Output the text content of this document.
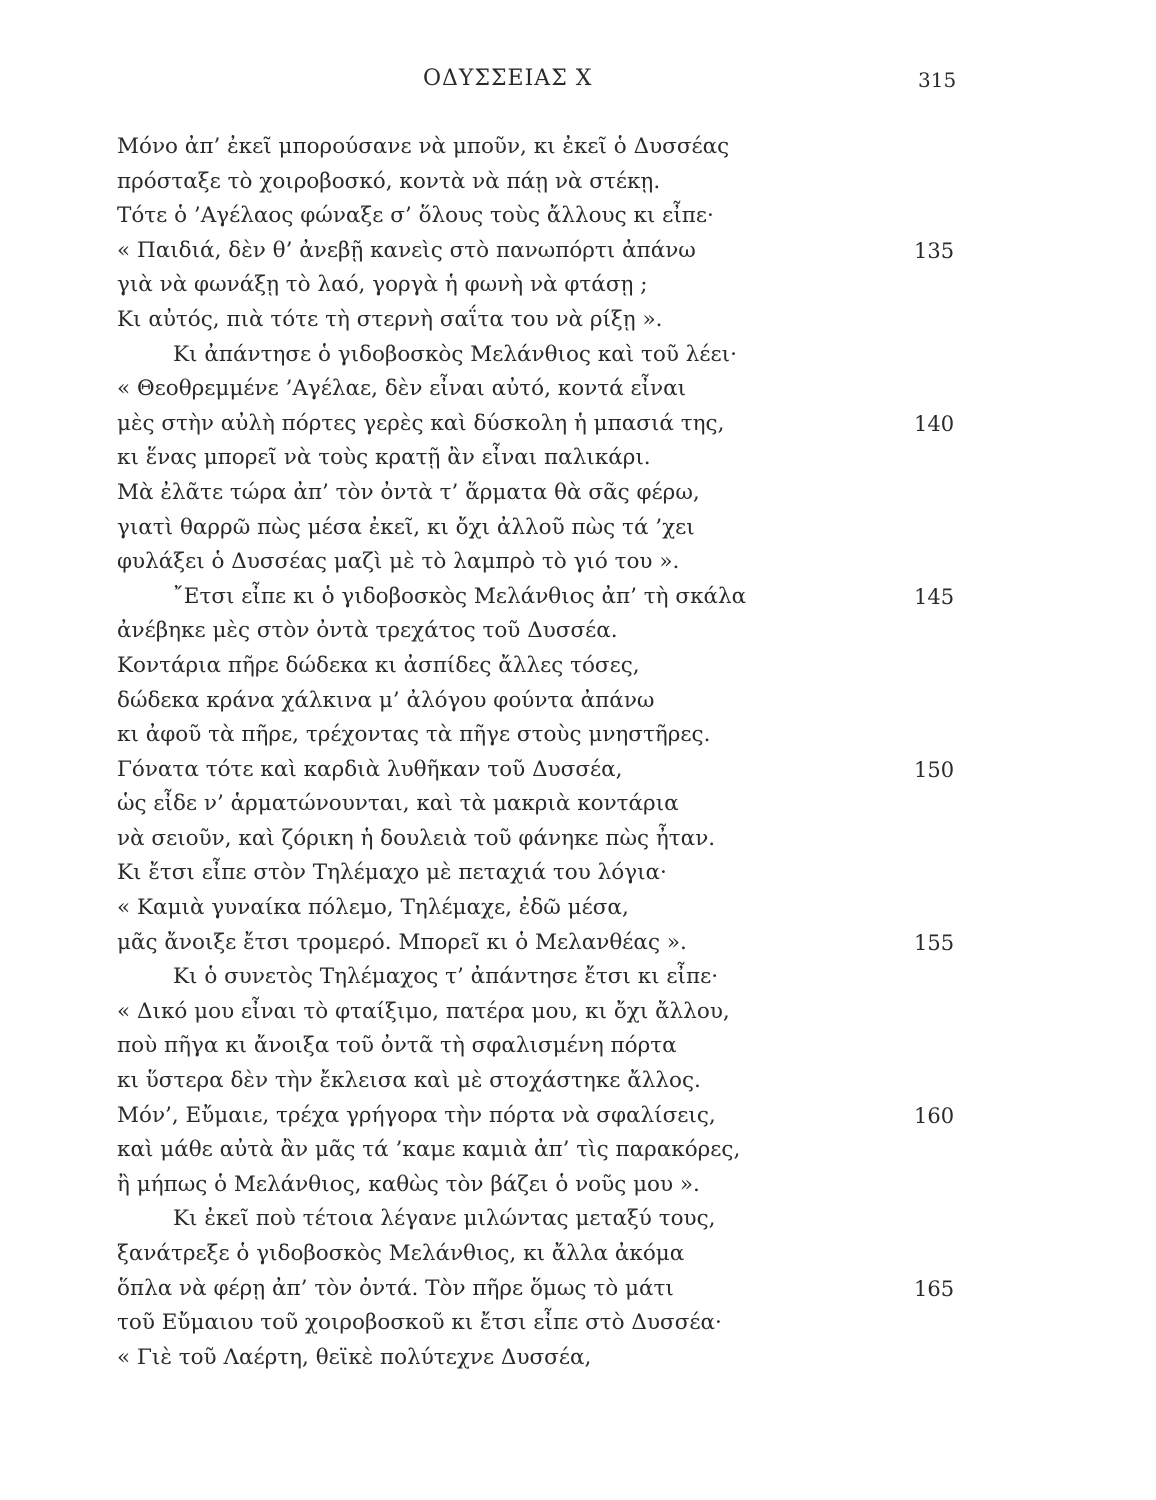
ΟΔΥΣΣΕΙΑΣ Χ	315
Μόνο ἀπ’ ἐκεῖ μπορούσανε νὰ μποῦν, κι ἐκεῖ ὁ Δυσσέας
πρόσταξε τὸ χοιροβοσκό, κοντὰ νὰ πάῃ νὰ στέκῃ.
Τότε ὁ ’Αγέλαος φώναξε σ’ ὅλους τοὺς ἄλλους κι εἶπε·
« Παιδιά, δὲν θ’ ἀνεβῇ κανεὶς στὸ πανωπόρτι ἀπάνω	135
γιὰ νὰ φωνάξῃ τὸ λαό, γοργὰ ἡ φωνὴ νὰ φτάσῃ ;
Κι αὐτός, πιὰ τότε τὴ στερνὴ σαΐτα του νὰ ρίξῃ ».
Κι ἀπάντησε ὁ γιδοβοσκὸς Μελάνθιος καὶ τοῦ λέει·
« Θεοθρεμμένε ’Αγέλαε, δὲν εἶναι αὐτό, κοντά εἶναι
μὲς στὴν αὐλὴ πόρτες γερὲς καὶ δύσκολη ἡ μπασιά της,	140
κι ἕνας μπορεῖ νὰ τοὺς κρατῇ ἂν εἶναι παλικάρι.
Μὰ ἐλᾶτε τώρα ἀπ’ τὸν ὀντὰ τ’ ἅρματα θὰ σᾶς φέρω,
γιατὶ θαρρῶ πὼς μέσα ἐκεῖ, κι ὄχι ἀλλοῦ πὼς τά ’χει
φυλάξει ὁ Δυσσέας μαζὶ μὲ τὸ λαμπρὸ τὸ γιό του ».
῎Ετσι εἶπε κι ὁ γιδοβοσκὸς Μελάνθιος ἀπ’ τὴ σκάλα	145
ἀνέβηκε μὲς στὸν ὀντὰ τρεχάτος τοῦ Δυσσέα.
Κοντάρια πῆρε δώδεκα κι ἀσπίδες ἄλλες τόσες,
δώδεκα κράνα χάλκινα μ’ ἀλόγου φούντα ἀπάνω
κι ἀφοῦ τὰ πῆρε, τρέχοντας τὰ πῆγε στοὺς μνηστῆρες.
Γόνατα τότε καὶ καρδιὰ λυθῆκαν τοῦ Δυσσέα,	150
ὡς εἶδε ν’ ἁρματώνουνται, καὶ τὰ μακριὰ κοντάρια
νὰ σειοῦν, καὶ ζόρικη ἡ δουλειὰ τοῦ φάνηκε πὼς ἦταν.
Κι ἔτσι εἶπε στὸν Τηλέμαχο μὲ πεταχιά του λόγια·
« Καμιὰ γυναίκα πόλεμο, Τηλέμαχε, ἐδῶ μέσα,
μᾶς ἄνοιξε ἔτσι τρομερό. Μπορεῖ κι ὁ Μελανθέας ».	155
Κι ὁ συνετὸς Τηλέμαχος τ’ ἀπάντησε ἔτσι κι εἶπε·
« Δικό μου εἶναι τὸ φταίξιμο, πατέρα μου, κι ὄχι ἄλλου,
ποὺ πῆγα κι ἄνοιξα τοῦ ὀντᾶ τὴ σφαλισμένη πόρτα
κι ὕστερα δὲν τὴν ἔκλεισα καὶ μὲ στοχάστηκε ἄλλος.
Μόν’, Εὔμαιε, τρέχα γρήγορα τὴν πόρτα νὰ σφαλίσεις,	160
καὶ μάθε αὐτὰ ἂν μᾶς τά ’καμε καμιὰ ἀπ’ τὶς παρακόρες,
ἢ μήπως ὁ Μελάνθιος, καθὼς τὸν βάζει ὁ νοῦς μου ».
Κι ἐκεῖ ποὺ τέτοια λέγανε μιλώντας μεταξύ τους,
ξανάτρεξε ὁ γιδοβοσκὸς Μελάνθιος, κι ἄλλα ἀκόμα
ὅπλα νὰ φέρῃ ἀπ’ τὸν ὀντά. Τὸν πῆρε ὅμως τὸ μάτι	165
τοῦ Εὔμαιου τοῦ χοιροβοσκοῦ κι ἔτσι εἶπε στὸ Δυσσέα·
« Γιὲ τοῦ Λαέρτη, θεϊκὲ πολύτεχνε Δυσσέα,
